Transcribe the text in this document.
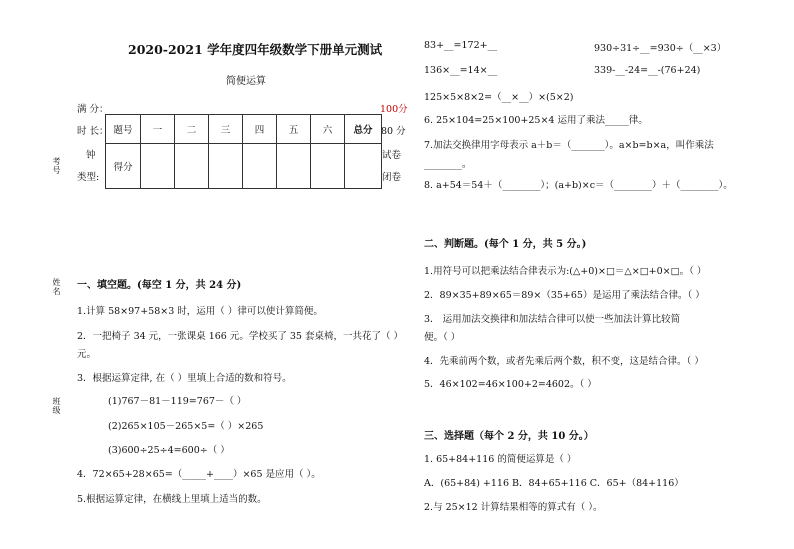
考号
姓名
班级
2020-2021 学年度四年级数学下册单元测试
简便运算
满 分：	100分
时 长：	80 分
钟	试卷
类型:	闭卷
题号	一	二	三	四	五	六	总分
得分							
一、填空题。(每空 1 分，共 24 分)
1.计算 58×97+58×3 时，运用（ ）律可以使计算简便。
2．一把椅子 34 元，一张课桌 166 元。学校买了 35 套桌椅，一共花了（ ）
元。
3．根据运算定律, 在（ ）里填上合适的数和符号。
(1)767－81－119=767－（ ）
(2)265×105－265×5=（ ）×265
(3)600÷25÷4=600÷（ ）
4．72×65+28×65=（_____+____）×65 是应用（ ）。
5.根据运算定律，在横线上里填上适当的数。
83+__=172+__	930÷31÷__=930÷（__×3）
136×__=14×__	339-__-24=__-(76+24)
125×5×8×2=（__×__）×(5×2)
6. 25×104=25×100+25×4 运用了乘法_____律。
7.加法交换律用字母表示 a＋b＝（_______）。a×b=b×a，叫作乘法
________。
8. a+54＝54＋（________）；(a+b)×c＝（________）＋（________）。
二、判断题。(每个 1 分，共 5 分。)
1.用符号可以把乘法结合律表示为:(△+0)×□＝△×□+0×□。（ ）
2．89×35+89×65＝89×（35+65）是运用了乘法结合律。（ ）
3． 运用加法交换律和加法结合律可以使一些加法计算比较简
便。（ ）
4．先乘前两个数，或者先乘后两个数，积不变，这是结合律。（ ）
5．46×102=46×100+2=4602。（ ）
三、选择题（每个 2 分，共 10 分。）
1. 65+84+116 的简便运算是（ ）
A．(65+84) +116 B．84+65+116 C．65+（84+116）
2.与 25×12 计算结果相等的算式有（ ）。
